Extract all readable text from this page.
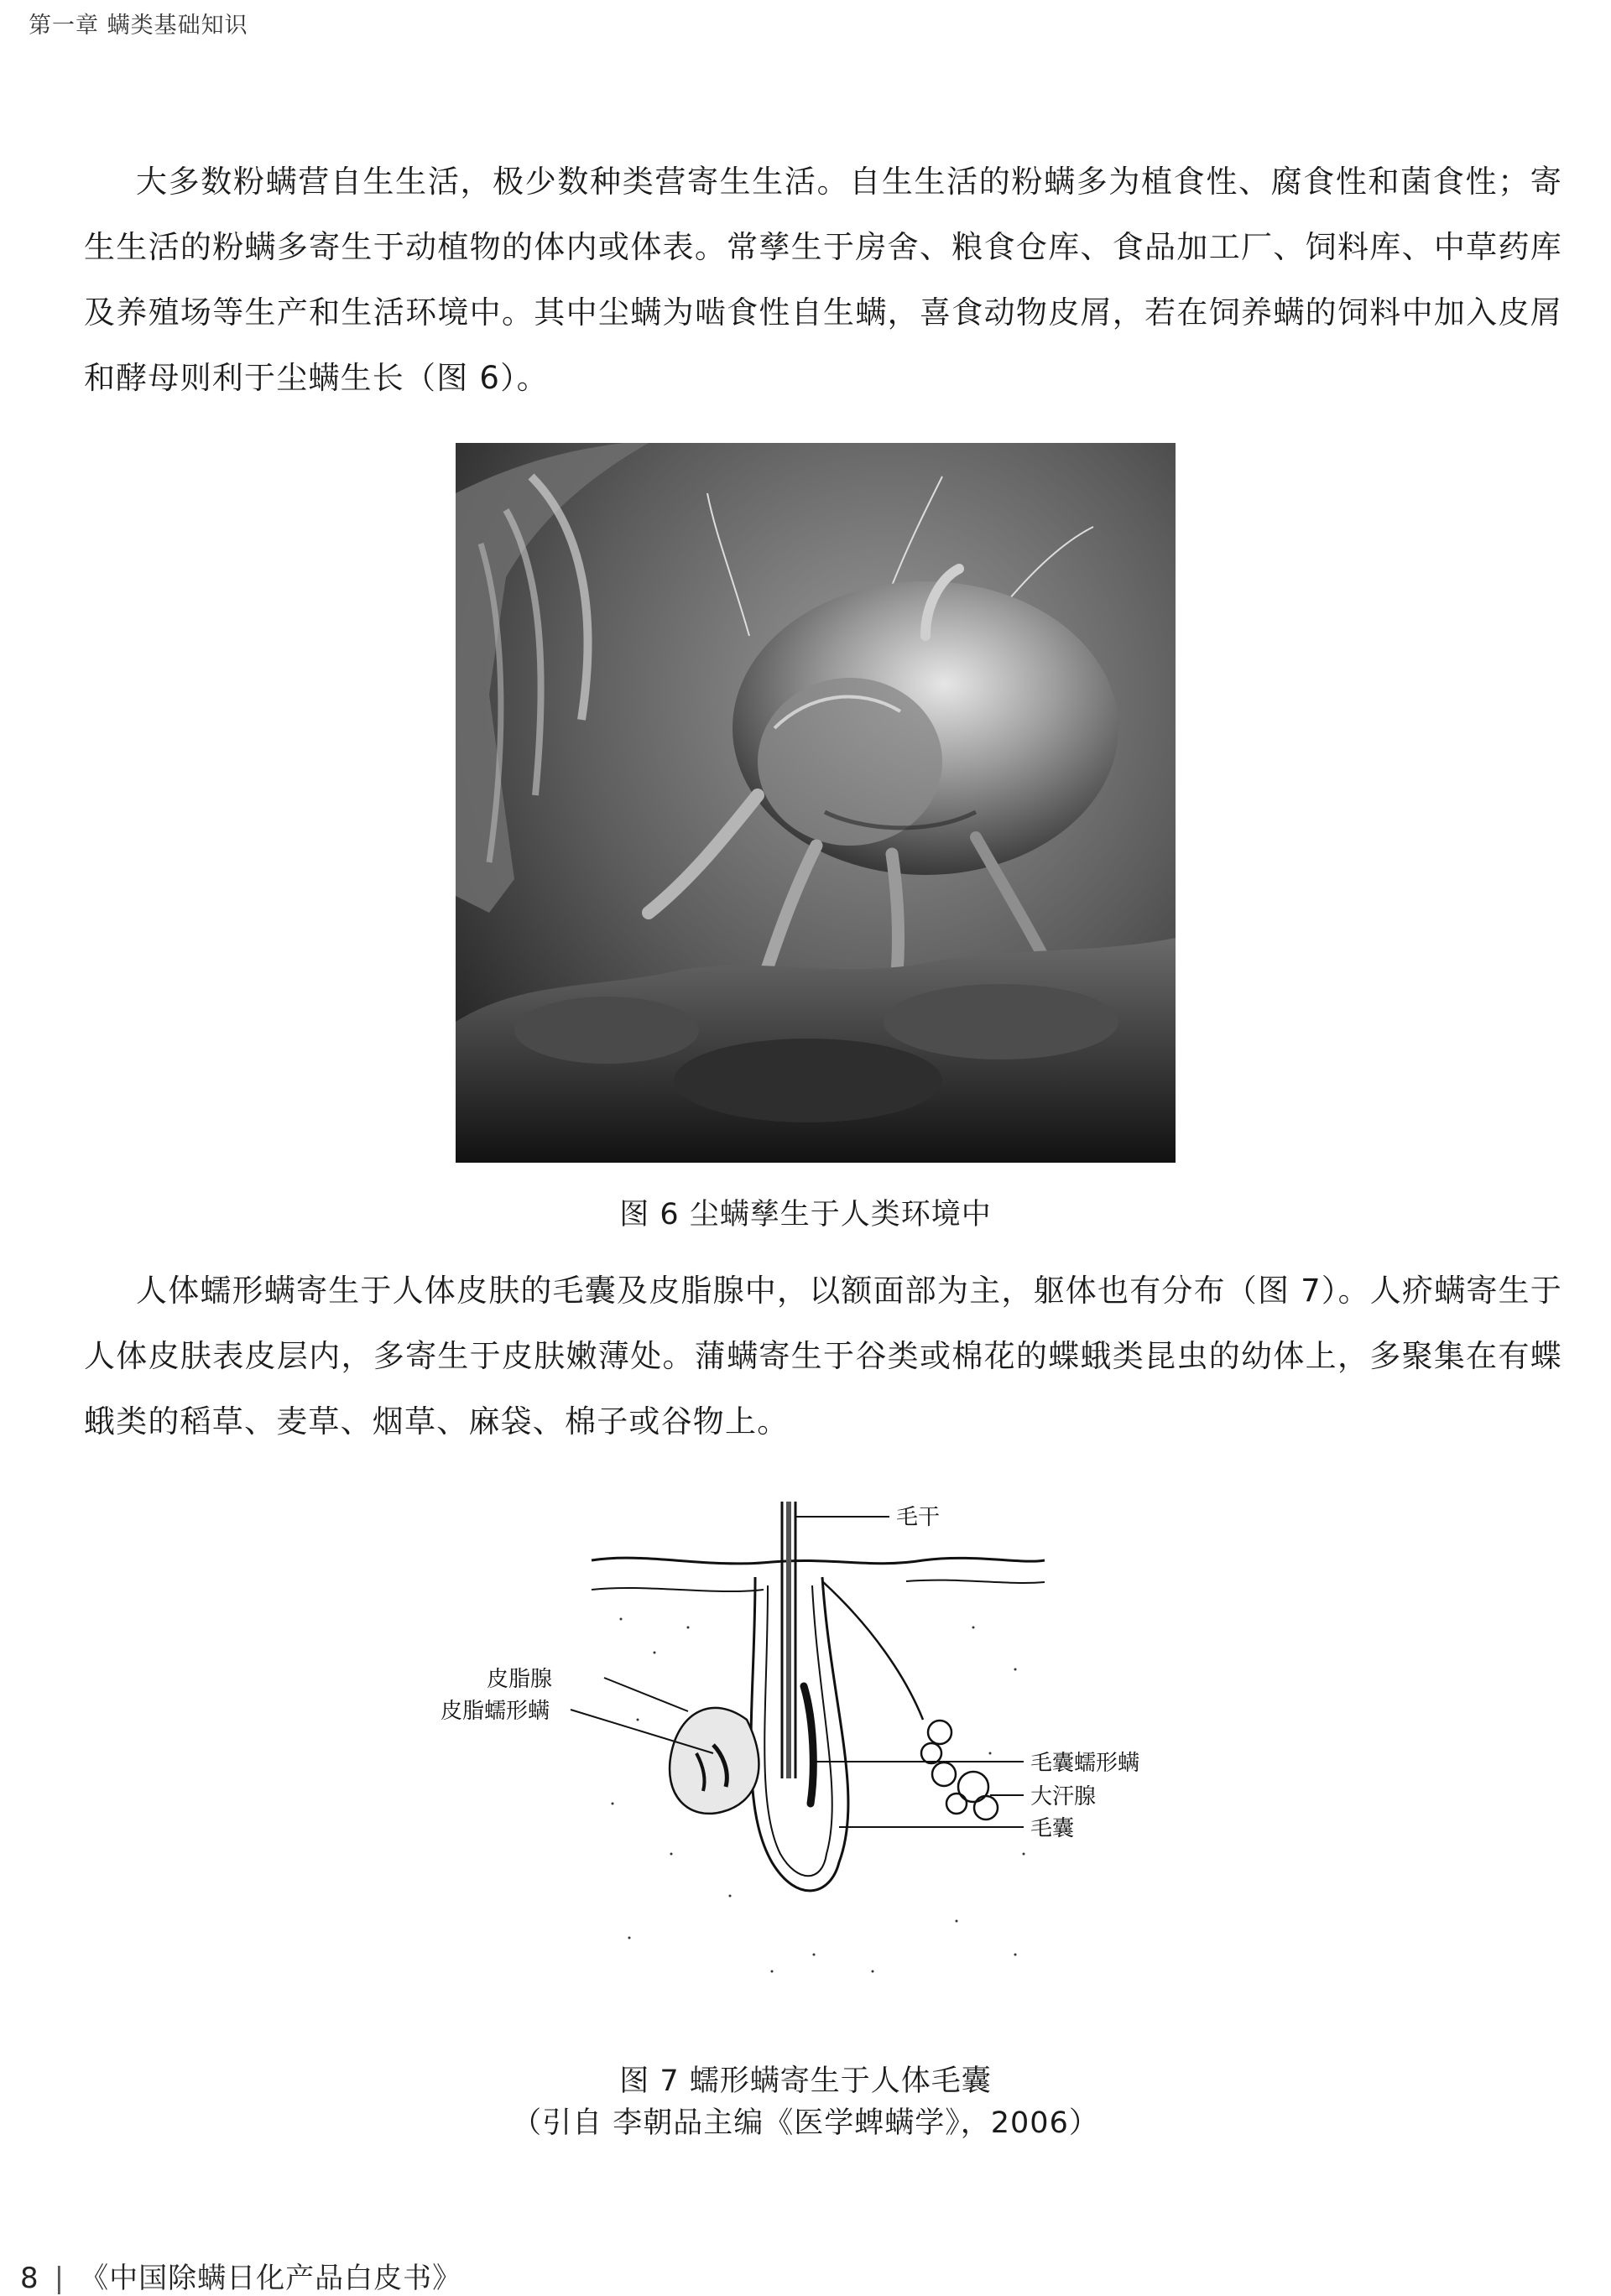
第一章 螨类基础知识

大多数粉螨营自生生活，极少数种类营寄生生活。自生生活的粉螨多为植食性、腐食性和菌食性；寄生生活的粉螨多寄生于动植物的体内或体表。常孳生于房舍、粮食仓库、食品加工厂、饲料库、中草药库及养殖场等生产和生活环境中。其中尘螨为啮食性自生螨，喜食动物皮屑，若在饲养螨的饲料中加入皮屑和酵母则利于尘螨生长（图 6）。

图 6 尘螨孳生于人类环境中

人体蠕形螨寄生于人体皮肤的毛囊及皮脂腺中，以额面部为主，躯体也有分布（图 7）。人疥螨寄生于人体皮肤表皮层内，多寄生于皮肤嫩薄处。蒲螨寄生于谷类或棉花的蝶蛾类昆虫的幼体上，多聚集在有蝶蛾类的稻草、麦草、烟草、麻袋、棉子或谷物上。

毛干
皮脂腺
皮脂蠕形螨
毛囊蠕形螨
大汗腺
毛囊
图 7 蠕形螨寄生于人体毛囊
（引自 李朝品主编《医学蜱螨学》，2006）
8 | 《中国除螨日化产品白皮书》
